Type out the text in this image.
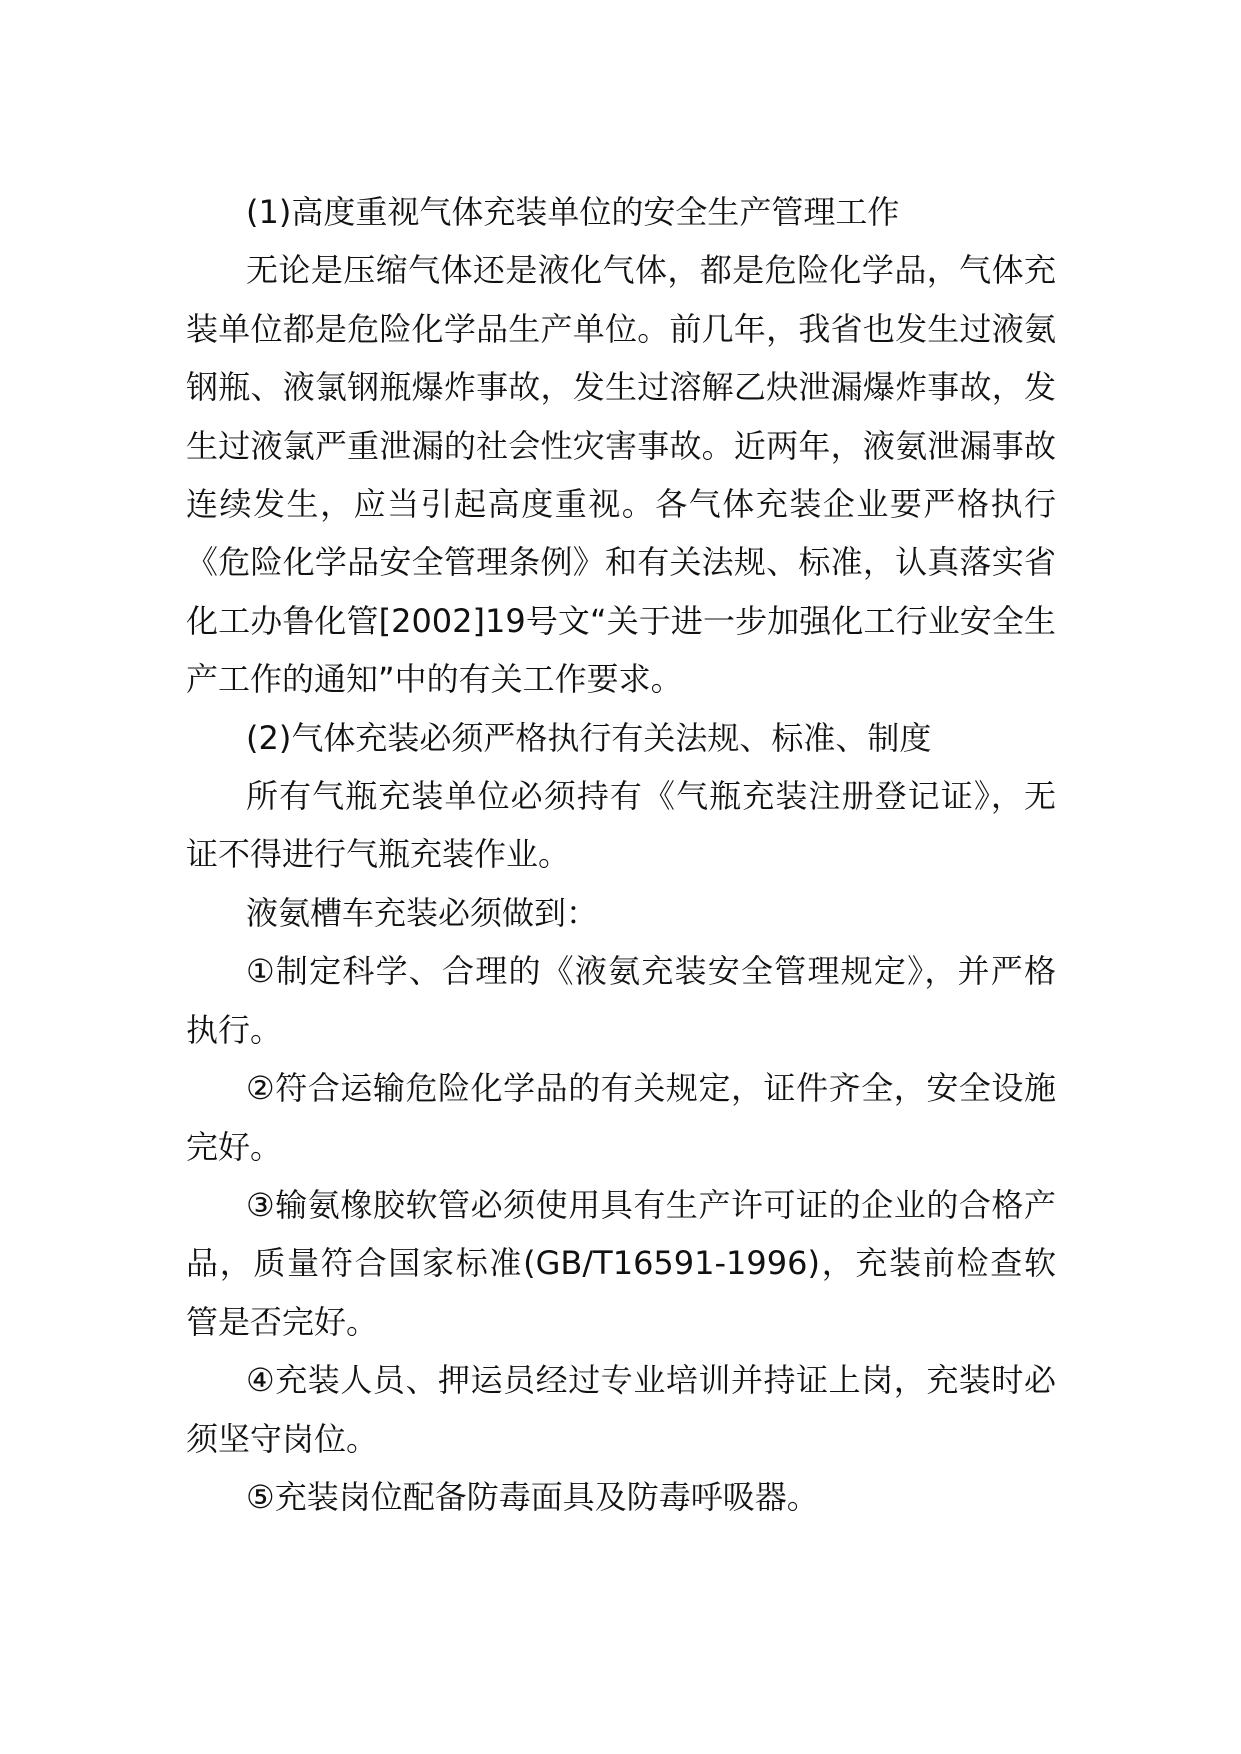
(1)高度重视气体充装单位的安全生产管理工作

无论是压缩气体还是液化气体，都是危险化学品，气体充装单位都是危险化学品生产单位。前几年，我省也发生过液氨钢瓶、液氯钢瓶爆炸事故，发生过溶解乙炔泄漏爆炸事故，发生过液氯严重泄漏的社会性灾害事故。近两年，液氨泄漏事故连续发生，应当引起高度重视。各气体充装企业要严格执行《危险化学品安全管理条例》和有关法规、标准，认真落实省化工办鲁化管[2002]19号文“关于进一步加强化工行业安全生产工作的通知”中的有关工作要求。

(2)气体充装必须严格执行有关法规、标准、制度

所有气瓶充装单位必须持有《气瓶充装注册登记证》，无证不得进行气瓶充装作业。

液氨槽车充装必须做到：

①制定科学、合理的《液氨充装安全管理规定》，并严格执行。

②符合运输危险化学品的有关规定，证件齐全，安全设施完好。

③输氨橡胶软管必须使用具有生产许可证的企业的合格产品，质量符合国家标准(GB/T16591-1996)，充装前检查软管是否完好。

④充装人员、押运员经过专业培训并持证上岗，充装时必须坚守岗位。

⑤充装岗位配备防毒面具及防毒呼吸器。
